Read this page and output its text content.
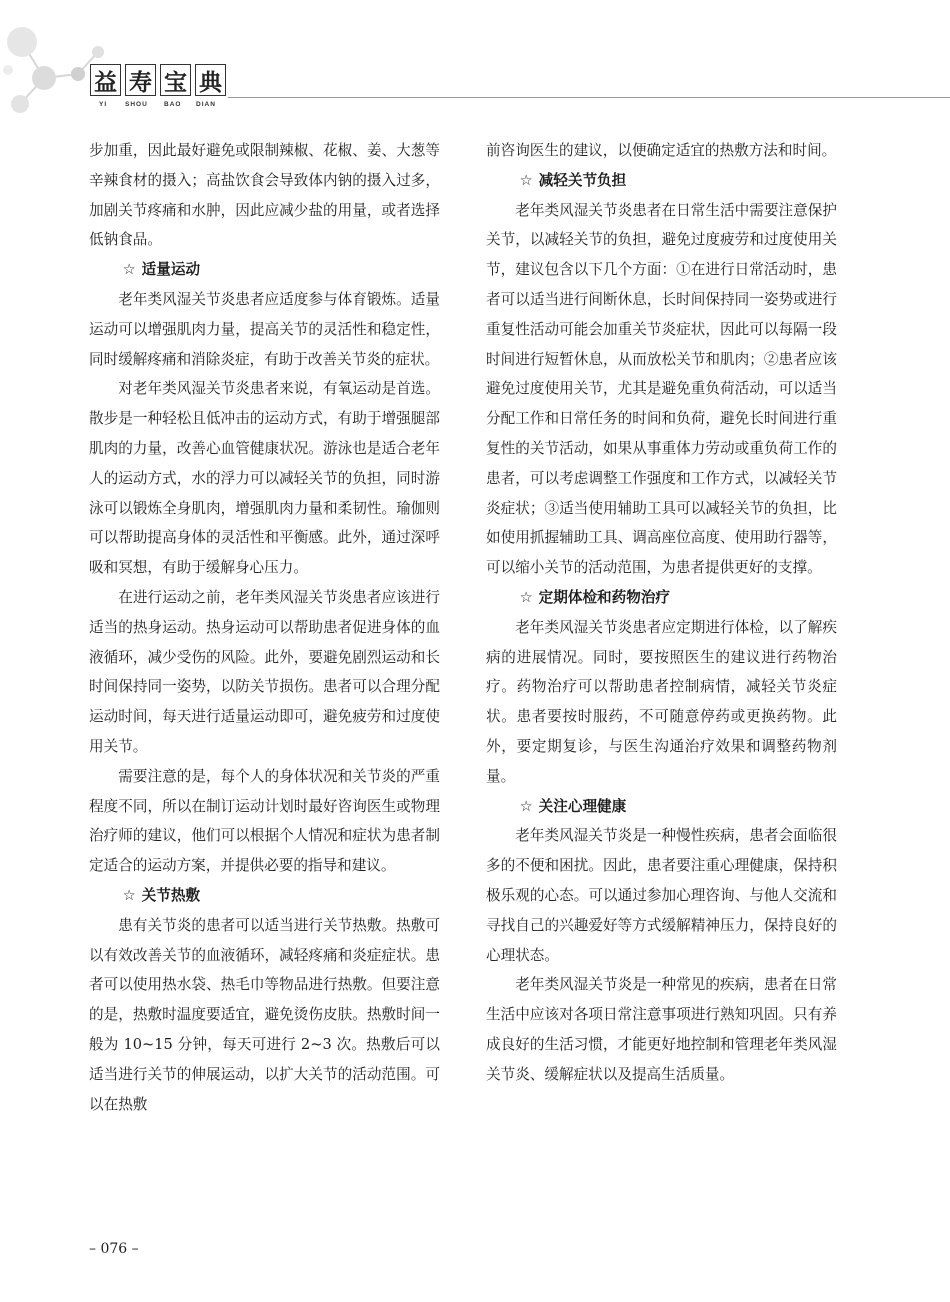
益 寿 宝 典
YI	SHOU BAO DIAN

步加重，因此最好避免或限制辣椒、花椒、姜、大葱等辛辣食材的摄入；高盐饮食会导致体内钠的摄入过多，加剧关节疼痛和水肿，因此应减少盐的用量，或者选择低钠食品。

☆ 适量运动

老年类风湿关节炎患者应适度参与体育锻炼。适量运动可以增强肌肉力量，提高关节的灵活性和稳定性，同时缓解疼痛和消除炎症，有助于改善关节炎的症状。

对老年类风湿关节炎患者来说，有氧运动是首选。散步是一种轻松且低冲击的运动方式，有助于增强腿部肌肉的力量，改善心血管健康状况。游泳也是适合老年人的运动方式，水的浮力可以减轻关节的负担，同时游泳可以锻炼全身肌肉，增强肌肉力量和柔韧性。瑜伽则可以帮助提高身体的灵活性和平衡感。此外，通过深呼吸和冥想，有助于缓解身心压力。

在进行运动之前，老年类风湿关节炎患者应该进行适当的热身运动。热身运动可以帮助患者促进身体的血液循环，减少受伤的风险。此外，要避免剧烈运动和长时间保持同一姿势，以防关节损伤。患者可以合理分配运动时间，每天进行适量运动即可，避免疲劳和过度使用关节。

需要注意的是，每个人的身体状况和关节炎的严重程度不同，所以在制订运动计划时最好咨询医生或物理治疗师的建议，他们可以根据个人情况和症状为患者制定适合的运动方案，并提供必要的指导和建议。

☆ 关节热敷

患有关节炎的患者可以适当进行关节热敷。热敷可以有效改善关节的血液循环，减轻疼痛和炎症症状。患者可以使用热水袋、热毛巾等物品进行热敷。但要注意的是，热敷时温度要适宜，避免烫伤皮肤。热敷时间一般为 10~15 分钟，每天可进行 2~3 次。热敷后可以适当进行关节的伸展运动，以扩大关节的活动范围。可以在热敷

前咨询医生的建议，以便确定适宜的热敷方法和时间。

☆ 减轻关节负担

老年类风湿关节炎患者在日常生活中需要注意保护关节，以减轻关节的负担，避免过度疲劳和过度使用关节，建议包含以下几个方面：①在进行日常活动时，患者可以适当进行间断休息，长时间保持同一姿势或进行重复性活动可能会加重关节炎症状，因此可以每隔一段时间进行短暂休息，从而放松关节和肌肉；②患者应该避免过度使用关节，尤其是避免重负荷活动，可以适当分配工作和日常任务的时间和负荷，避免长时间进行重复性的关节活动，如果从事重体力劳动或重负荷工作的患者，可以考虑调整工作强度和工作方式，以减轻关节炎症状；③适当使用辅助工具可以减轻关节的负担，比如使用抓握辅助工具、调高座位高度、使用助行器等，可以缩小关节的活动范围，为患者提供更好的支撑。

☆ 定期体检和药物治疗

老年类风湿关节炎患者应定期进行体检，以了解疾病的进展情况。同时，要按照医生的建议进行药物治疗。药物治疗可以帮助患者控制病情，减轻关节炎症状。患者要按时服药，不可随意停药或更换药物。此外，要定期复诊，与医生沟通治疗效果和调整药物剂量。

☆ 关注心理健康

老年类风湿关节炎是一种慢性疾病，患者会面临很多的不便和困扰。因此，患者要注重心理健康，保持积极乐观的心态。可以通过参加心理咨询、与他人交流和寻找自己的兴趣爱好等方式缓解精神压力，保持良好的心理状态。

老年类风湿关节炎是一种常见的疾病，患者在日常生活中应该对各项日常注意事项进行熟知巩固。只有养成良好的生活习惯，才能更好地控制和管理老年类风湿关节炎、缓解症状以及提高生活质量。

– 076 –
